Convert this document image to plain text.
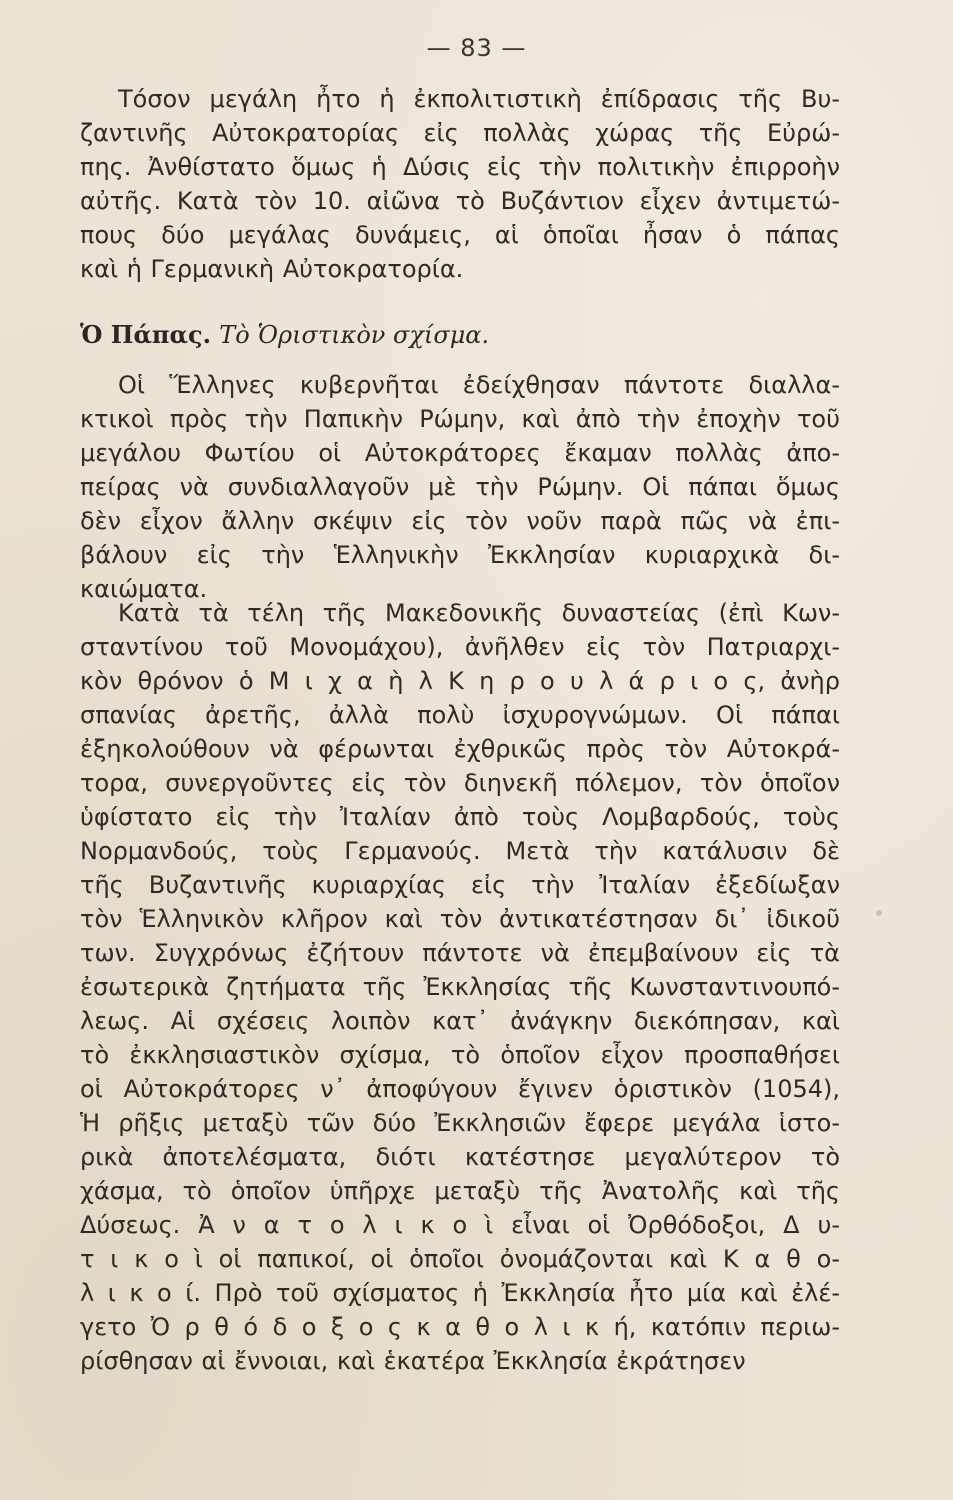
— 83 —
Τόσον μεγάλη ἦτο ἡ ἐκπολιτιστικὴ ἐπίδρασις τῆς Βυ-
ζαντινῆς Αὐτοκρατορίας εἰς πολλὰς χώρας τῆς Εὐρώ-
πης. Ἀνθίστατο ὅμως ἡ Δύσις εἰς τὴν πολιτικὴν ἐπιρροὴν
αὐτῆς. Κατὰ τὸν 10. αἰῶνα τὸ Βυζάντιον εἶχεν ἀντιμετώ-
πους δύο μεγάλας δυνάμεις, αἱ ὁποῖαι ἦσαν ὁ πάπας
καὶ ἡ Γερμανικὴ Αὐτοκρατορία.
Ὁ Πάπας. Τὸ Ὁριστικὸν σχίσμα.
Οἱ Ἕλληνες κυβερνῆται ἐδείχθησαν πάντοτε διαλλα-
κτικοὶ πρὸς τὴν Παπικὴν Ρώμην, καὶ ἀπὸ τὴν ἐποχὴν τοῦ
μεγάλου Φωτίου οἱ Αὐτοκράτορες ἔκαμαν πολλὰς ἀπο-
πείρας νὰ συνδιαλλαγοῦν μὲ τὴν Ρώμην. Οἱ πάπαι ὅμως
δὲν εἶχον ἄλλην σκέψιν εἰς τὸν νοῦν παρὰ πῶς νὰ ἐπι-
βάλουν εἰς τὴν Ἑλληνικὴν Ἐκκλησίαν κυριαρχικὰ δι-
καιώματα.
Κατὰ τὰ τέλη τῆς Μακεδονικῆς δυναστείας (ἐπὶ Κων-
σταντίνου τοῦ Μονομάχου), ἀνῆλθεν εἰς τὸν Πατριαρχι-
κὸν θρόνον ὁ Μ ι χ α ὴ λ Κ η ρ ο υ λ ά ρ ι ο ς, ἀνὴρ
σπανίας ἀρετῆς, ἀλλὰ πολὺ ἰσχυρογνώμων. Οἱ πάπαι
ἐξηκολούθουν νὰ φέρωνται ἐχθρικῶς πρὸς τὸν Αὐτοκρά-
τορα, συνεργοῦντες εἰς τὸν διηνεκῆ πόλεμον, τὸν ὁποῖον
ὑφίστατο εἰς τὴν Ἰταλίαν ἀπὸ τοὺς Λομβαρδούς, τοὺς
Νορμανδούς, τοὺς Γερμανούς. Μετὰ τὴν κατάλυσιν δὲ
τῆς Βυζαντινῆς κυριαρχίας εἰς τὴν Ἰταλίαν ἐξεδίωξαν
τὸν Ἑλληνικὸν κλῆρον καὶ τὸν ἀντικατέστησαν δι᾽ ἰδικοῦ
των. Συγχρόνως ἐζήτουν πάντοτε νὰ ἐπεμβαίνουν εἰς τὰ
ἐσωτερικὰ ζητήματα τῆς Ἐκκλησίας τῆς Κωνσταντινουπό-
λεως. Αἱ σχέσεις λοιπὸν κατ᾽ ἀνάγκην διεκόπησαν, καὶ
τὸ ἐκκλησιαστικὸν σχίσμα, τὸ ὁποῖον εἶχον προσπαθήσει
οἱ Αὐτοκράτορες ν᾽ ἀποφύγουν ἔγινεν ὁριστικὸν (1054),
Ἡ ρῆξις μεταξὺ τῶν δύο Ἐκκλησιῶν ἔφερε μεγάλα ἱστο-
ρικὰ ἀποτελέσματα, διότι κατέστησε μεγαλύτερον τὸ
χάσμα, τὸ ὁποῖον ὑπῆρχε μεταξὺ τῆς Ἀνατολῆς καὶ τῆς
Δύσεως. Ἀ ν α τ ο λ ι κ ο ὶ εἶναι οἱ Ὀρθόδοξοι, Δ υ-
τ ι κ ο ὶ οἱ παπικοί, οἱ ὁποῖοι ὀνομάζονται καὶ Κ α θ ο-
λ ι κ ο ί. Πρὸ τοῦ σχίσματος ἡ Ἐκκλησία ἦτο μία καὶ ἐλέ-
γετο Ὀ ρ θ ό δ ο ξ ο ς κ α θ ο λ ι κ ή, κατόπιν περιω-
ρίσθησαν αἱ ἔννοιαι, καὶ ἑκατέρα Ἐκκλησία ἐκράτησεν
